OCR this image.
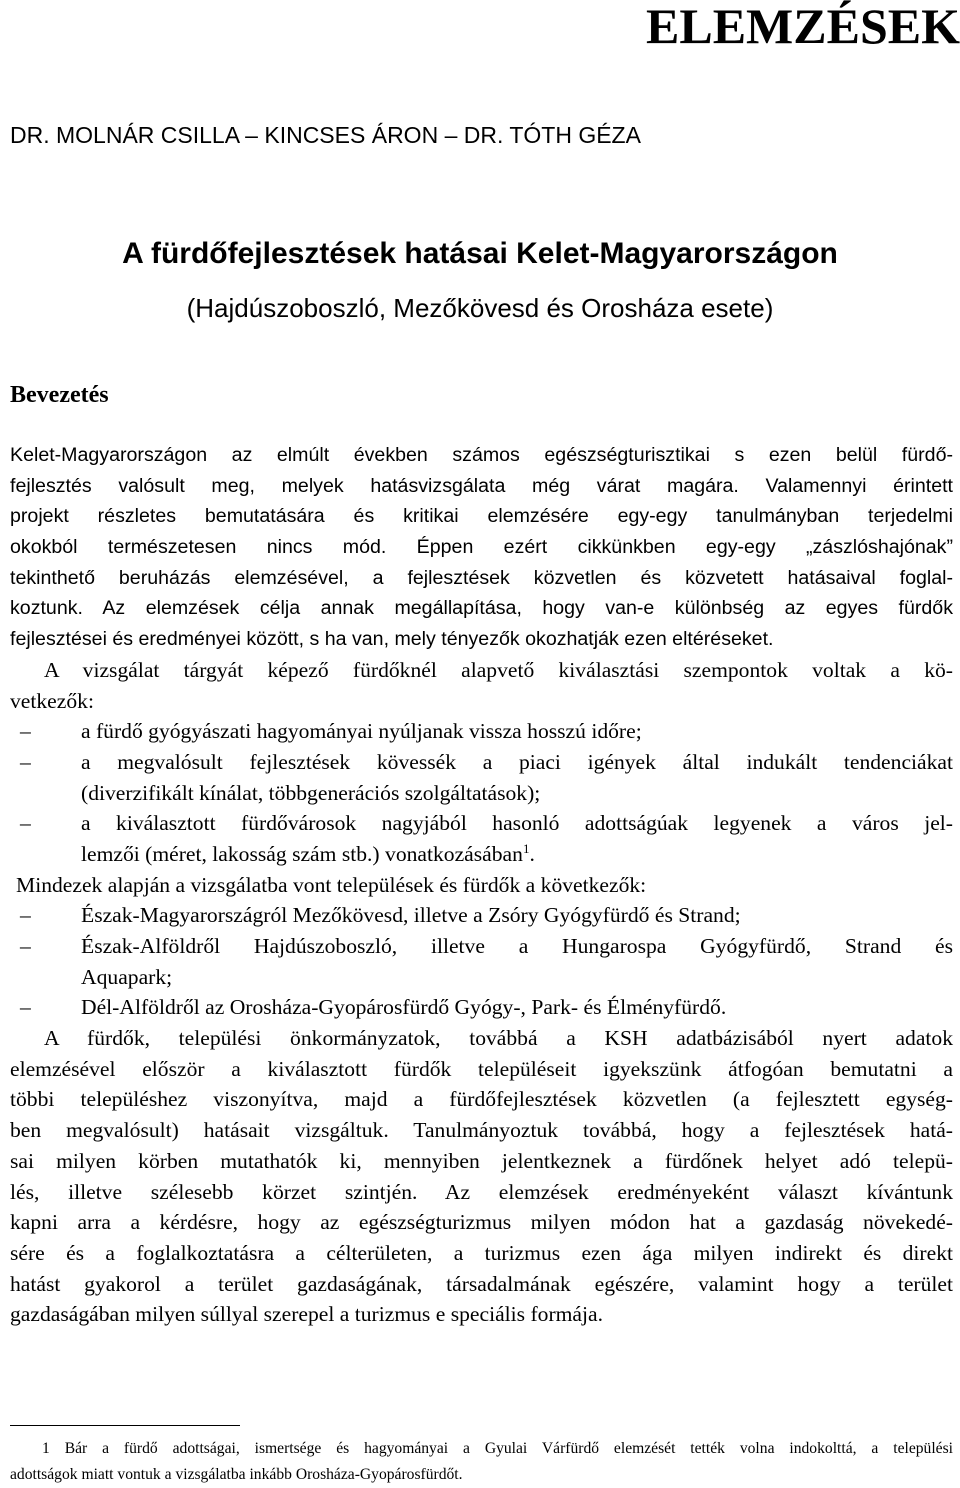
ELEMZÉSEK
DR. MOLNÁR CSILLA – KINCSES ÁRON – DR. TÓTH GÉZA
A fürdőfejlesztések hatásai Kelet-Magyarországon
(Hajdúszoboszló, Mezőkövesd és Orosháza esete)
Bevezetés
Kelet-Magyarországon az elmúlt években számos egészségturisztikai s ezen belül fürdő-
fejlesztés valósult meg, melyek hatásvizsgálata még várat magára. Valamennyi érintett
projekt részletes bemutatására és kritikai elemzésére egy-egy tanulmányban terjedelmi
okokból természetesen nincs mód. Éppen ezért cikkünkben egy-egy „zászlóshajónak”
tekinthető beruházás elemzésével, a fejlesztések közvetlen és közvetett hatásaival foglal-
koztunk. Az elemzések célja annak megállapítása, hogy van-e különbség az egyes fürdők
fejlesztései és eredményei között, s ha van, mely tényezők okozhatják ezen eltéréseket.
A vizsgálat tárgyát képező fürdőknél alapvető kiválasztási szempontok voltak a kö-
vetkezők:
– a fürdő gyógyászati hagyományai nyúljanak vissza hosszú időre;
– a megvalósult fejlesztések kövessék a piaci igények által indukált tendenciákat
(diverzifikált kínálat, többgenerációs szolgáltatások);
– a kiválasztott fürdővárosok nagyjából hasonló adottságúak legyenek a város jel-
lemzői (méret, lakosság szám stb.) vonatkozásában$^1$.
Mindezek alapján a vizsgálatba vont települések és fürdők a következők:
– Észak-Magyarországról Mezőkövesd, illetve a Zsóry Gyógyfürdő és Strand;
– Észak-Alföldről Hajdúszoboszló, illetve a Hungarospa Gyógyfürdő, Strand és
Aquapark;
– Dél-Alföldről az Orosháza-Gyopárosfürdő Gyógy-, Park- és Élményfürdő.
A fürdők, települési önkormányzatok, továbbá a KSH adatbázisából nyert adatok
elemzésével először a kiválasztott fürdők településeit igyekszünk átfogóan bemutatni a
többi településhez viszonyítva, majd a fürdőfejlesztések közvetlen (a fejlesztett egység-
ben megvalósult) hatásait vizsgáltuk. Tanulmányoztuk továbbá, hogy a fejlesztések hatá-
sai milyen körben mutathatók ki, mennyiben jelentkeznek a fürdőnek helyet adó telepü-
lés, illetve szélesebb körzet szintjén. Az elemzések eredményeként választ kívántunk
kapni arra a kérdésre, hogy az egészségturizmus milyen módon hat a gazdaság növekedé-
sére és a foglalkoztatásra a célterületen, a turizmus ezen ága milyen indirekt és direkt
hatást gyakorol a terület gazdaságának, társadalmának egészére, valamint hogy a terület
gazdaságában milyen súllyal szerepel a turizmus e speciális formája.
1 Bár a fürdő adottságai, ismertsége és hagyományai a Gyulai Várfürdő elemzését tették volna indokolttá, a települési
adottságok miatt vontuk a vizsgálatba inkább Orosháza-Gyopárosfürdőt.
